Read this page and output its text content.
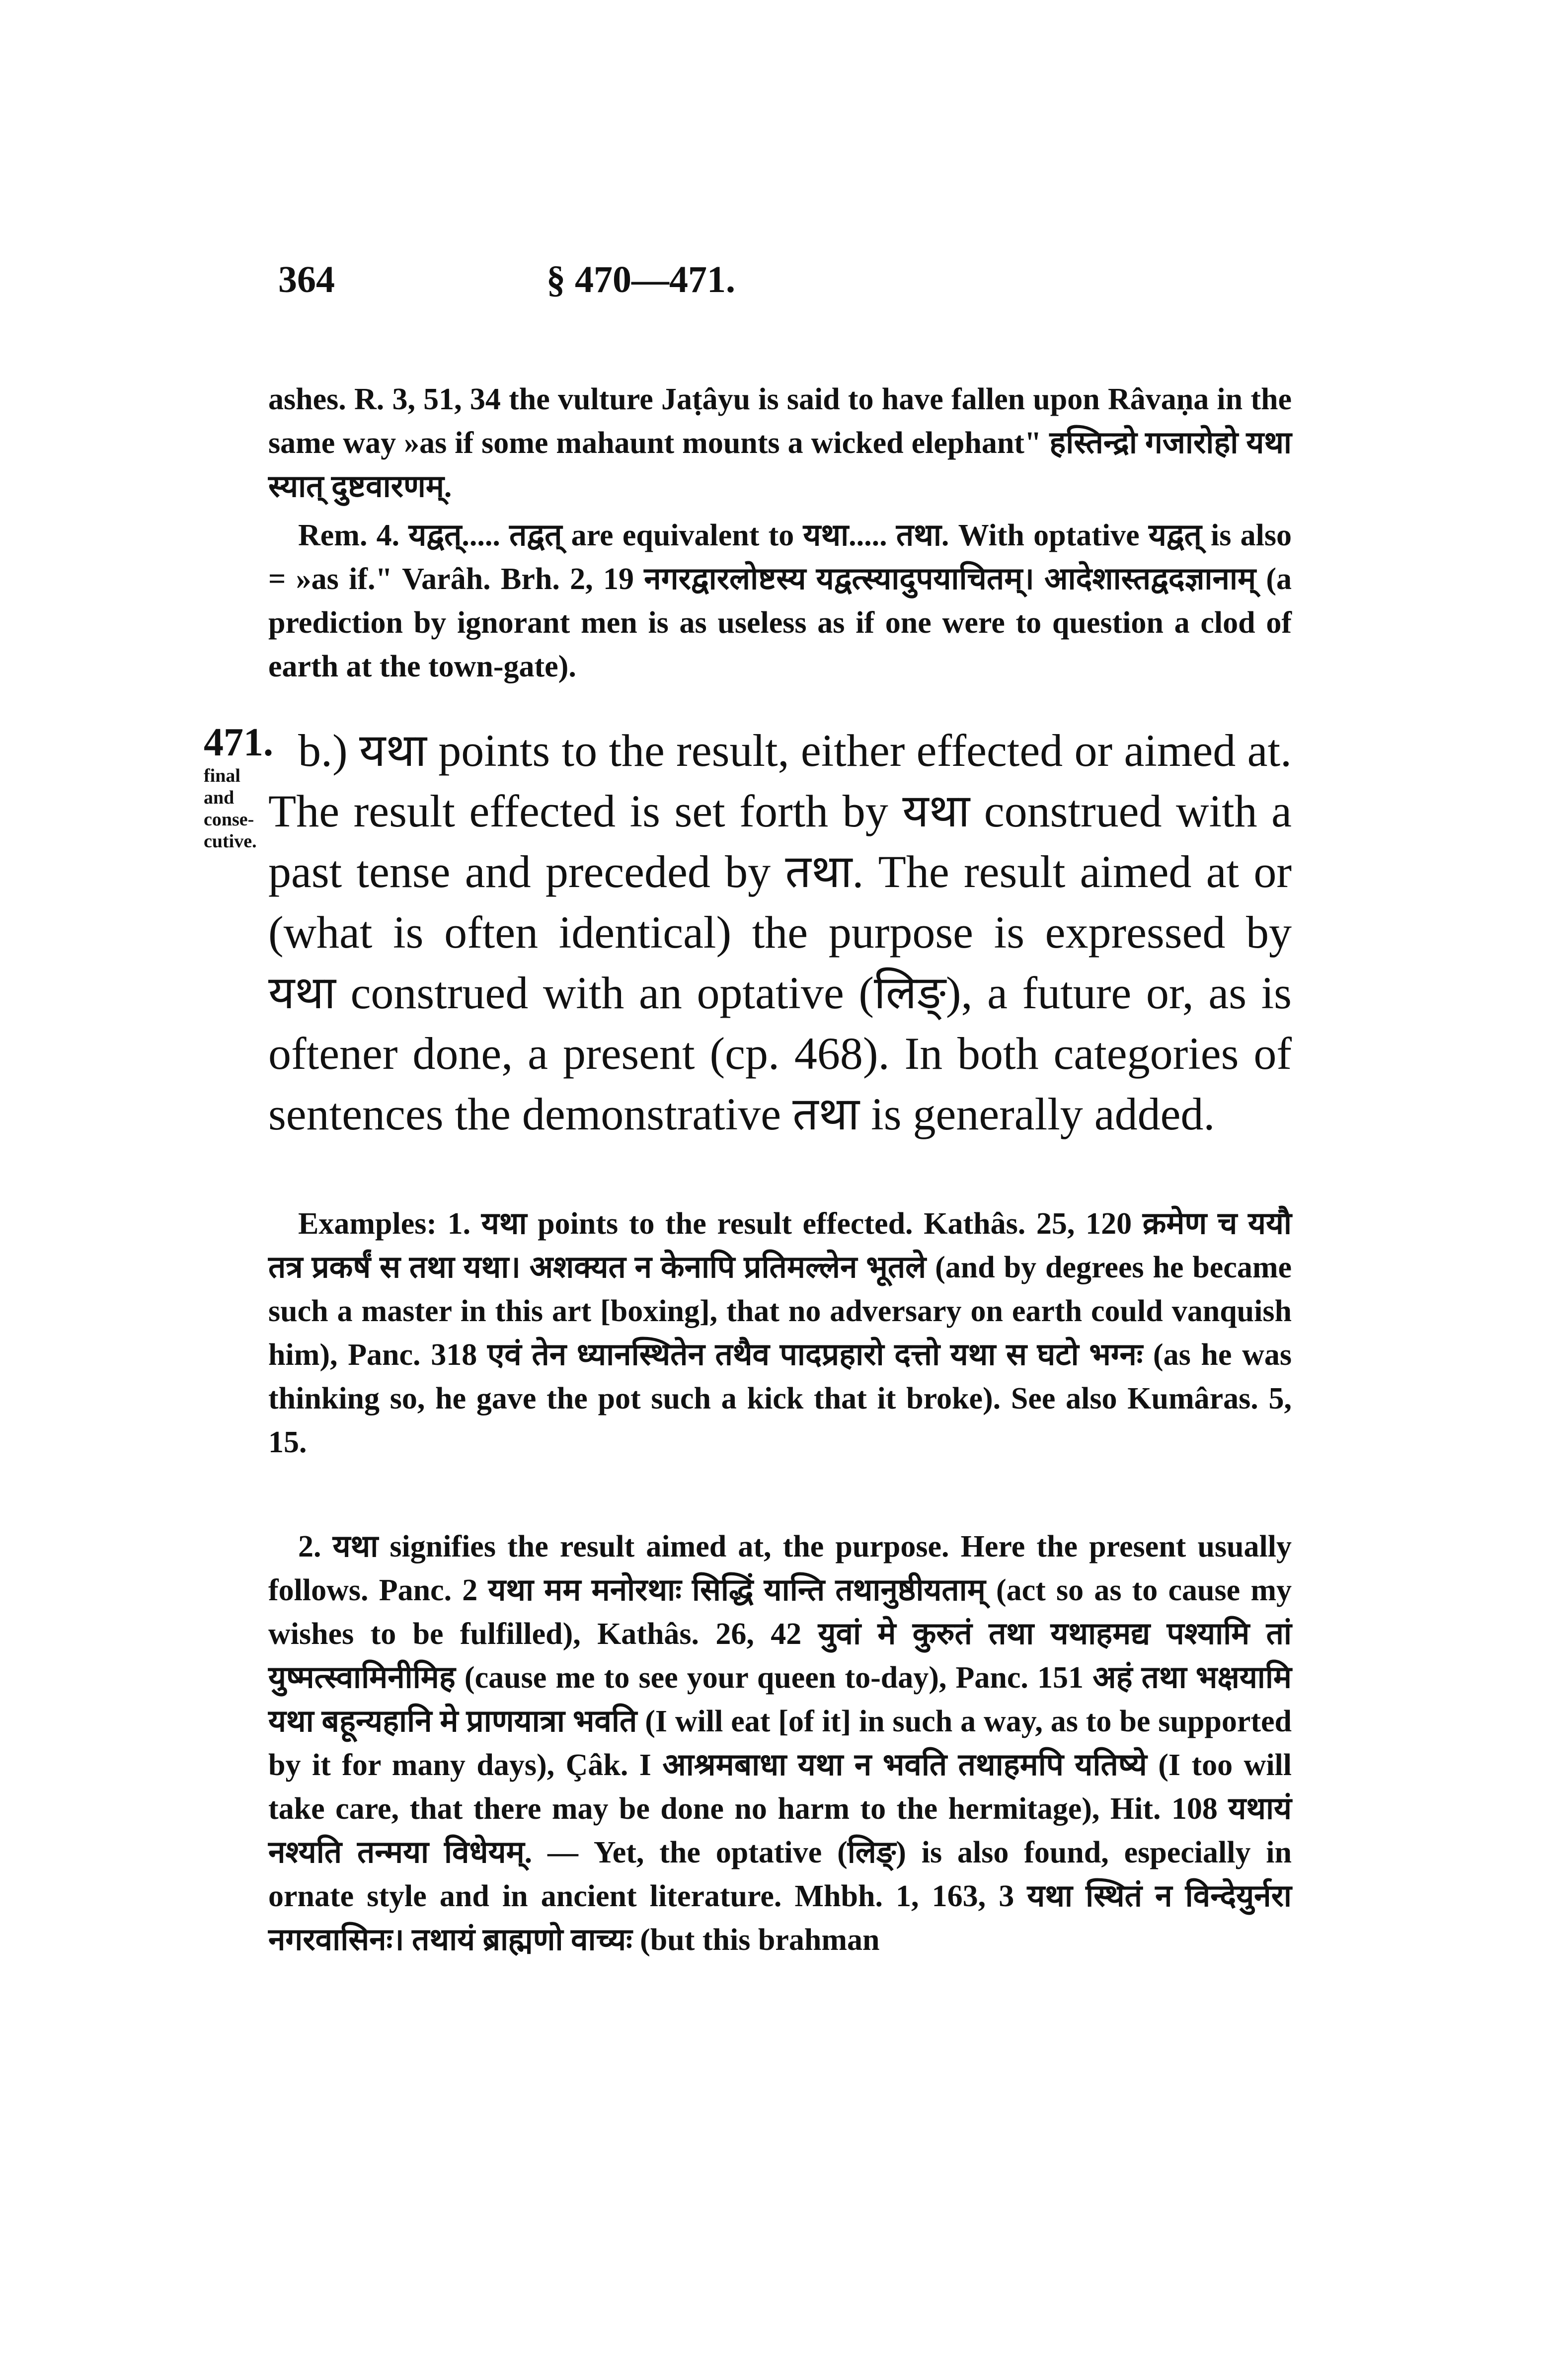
364	§ 470—471.

ashes. R. 3, 51, 34 the vulture Jaṭâyu is said to have fallen upon Râvaṇa in the same way »as if some mahaunt mounts a wicked elephant" हस्तिन्द्रो गजारोहो यथा स्यात् दुष्टवारणम्.

Rem. 4. यद्वत्..... तद्वत् are equivalent to यथा..... तथा. With optative यद्वत् is also = »as if." Varâh. Brh. 2, 19 नगरद्वारलोष्टस्य यद्वत्स्यादुपयाचितम्। आदेशास्तद्वदज्ञानाम् (a prediction by ignorant men is as useless as if one were to question a clod of earth at the town-gate).

471.
final
and
conse-
cutive.

b.) यथा points to the result, either effected or aimed at. The result effected is set forth by यथा construed with a past tense and preceded by तथा. The result aimed at or (what is often identical) the purpose is expressed by यथा construed with an optative (लिङ्), a future or, as is oftener done, a present (cp. 468). In both categories of sentences the demonstrative तथा is generally added.

Examples: 1. यथा points to the result effected. Kathâs. 25, 120 क्रमेण च ययौ तत्र प्रकर्षं स तथा यथा। अशक्यत न केनापि प्रतिमल्लेन भूतले (and by degrees he became such a master in this art [boxing], that no adversary on earth could vanquish him), Panc. 318 एवं तेन ध्यानस्थितेन तथैव पादप्रहारो दत्तो यथा स घटो भग्नः (as he was thinking so, he gave the pot such a kick that it broke). See also Kumâras. 5, 15.

2. यथा signifies the result aimed at, the purpose. Here the present usually follows. Panc. 2 यथा मम मनोरथाः सिद्धिं यान्ति तथानुष्ठीयताम् (act so as to cause my wishes to be fulfilled), Kathâs. 26, 42 युवां मे कुरुतं तथा यथाहमद्य पश्यामि तां युष्मत्स्वामिनीमिह (cause me to see your queen to-day), Panc. 151 अहं तथा भक्षयामि यथा बहून्यहानि मे प्राणयात्रा भवति (I will eat [of it] in such a way, as to be supported by it for many days), Çâk. I आश्रमबाधा यथा न भवति तथाहमपि यतिष्ये (I too will take care, that there may be done no harm to the hermitage), Hit. 108 यथायं नश्यति तन्मया विधेयम्. — Yet, the optative (लिङ्) is also found, especially in ornate style and in ancient literature. Mhbh. 1, 163, 3 यथा स्थितं न विन्देयुर्नरा नगरवासिनः। तथायं ब्राह्मणो वाच्यः (but this brahman
